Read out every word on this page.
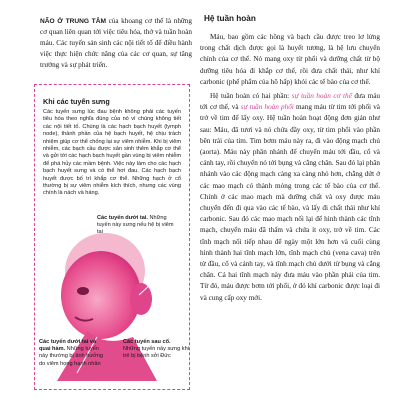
NÃO Ở TRUNG TÂM của khoang cơ thể là những cơ quan liên quan tới việc tiêu hóa, thở và tuần hoàn máu. Các tuyến sản sinh các nội tiết tố để điều hành việc thực hiện chức năng của các cơ quan, sự tăng trưởng và sự phát triển.
Khi các tuyến sưng
Các tuyến sưng lúc đau bệnh không phải các tuyến tiêu hóa theo nghĩa đúng của nó vì chúng không tiết các nội tiết tố. Chúng là các hạch bạch huyết (lymph node), thành phần của hệ bạch huyết, hệ chịu trách nhiệm giúp cơ thể chống lại sự viêm nhiễm. Khi bị viêm nhiễm, các bạch cầu được sản sinh thêm khắp cơ thể và gửi tới các hạch bạch huyết gần vùng bị viêm nhiễm để phá hủy các mầm bệnh. Việc này làm cho các hạch bạch huyết sưng và có thể hơi đau. Các hạch bạch huyết được bố trí khắp cơ thể. Những hạch ở cổ thường bị sự viêm nhiễm kích thích, nhưng các vùng chính là nách và háng.
Các tuyến dưới tai. Những tuyến này sưng nếu hệ bị viêm tai
Các tuyến dưới tai và quai hàm. Những tuyến này thường bị ảnh hưởng do viêm họng hạnh nhân
Các tuyến sau cổ. Những tuyến này sưng khi trẻ bị bệnh sởi Đức
Hệ tuần hoàn

Máu, bao gồm các hồng và bạch cầu được treo lơ lửng trong chất dịch được gọi là huyết tương, là hệ lưu chuyển chính của cơ thể. Nó mang oxy từ phổi và dưỡng chất từ bộ dưỡng tiêu hóa đi khắp cơ thể, rồi đưa chất thải, như khí carbonic (phế phẩm của hô hấp) khỏi các tế bào của cơ thể.

Hệ tuần hoàn có hai phần: sự tuần hoàn cơ thể đưa máu tới cơ thể, và sự tuần hoàn phổi mang máu từ tim tới phổi và trở về tim để lấy oxy. Hệ tuần hoàn hoạt động đơn giản như sau: Máu, đã tươi và nó chứa đầy oxy, từ tim phổi vào phần bên trái của tim. Tim bơm máu này ra, đi vào động mạch chủ (aorta). Máu này phân nhánh để chuyển máu tới đầu, cổ và cánh tay, rồi chuyển nó tới bụng và cẳng chân. Sau đó lại phân nhánh vào các động mạch càng xa càng nhỏ hơn, chẳng dứt ở các mao mạch có thành mỏng trong các tế bào của cơ thể. Chính ở các mao mạch mà dưỡng chất và oxy được máu chuyển đến đi qua vào các tế bào, và lấy đi chất thải như khí carbonic. Sau đó các mao mạch nối lại để hình thành các tĩnh mạch, chuyển máu đã thấm và chứa ít oxy, trở về tim. Các tĩnh mạch nối tiếp nhau để ngày một lớn hơn và cuối cùng hình thành hai tĩnh mạch lớn, tĩnh mạch chủ (vena cava) trên từ đầu, cổ và cánh tay, và tĩnh mạch chủ dưới từ bụng và cẳng chân. Cả hai tĩnh mạch này đưa máu vào phần phải của tim. Từ đó, máu được bơm tới phổi, ở đó khí carbonic được loại đi và cung cấp oxy mới.
